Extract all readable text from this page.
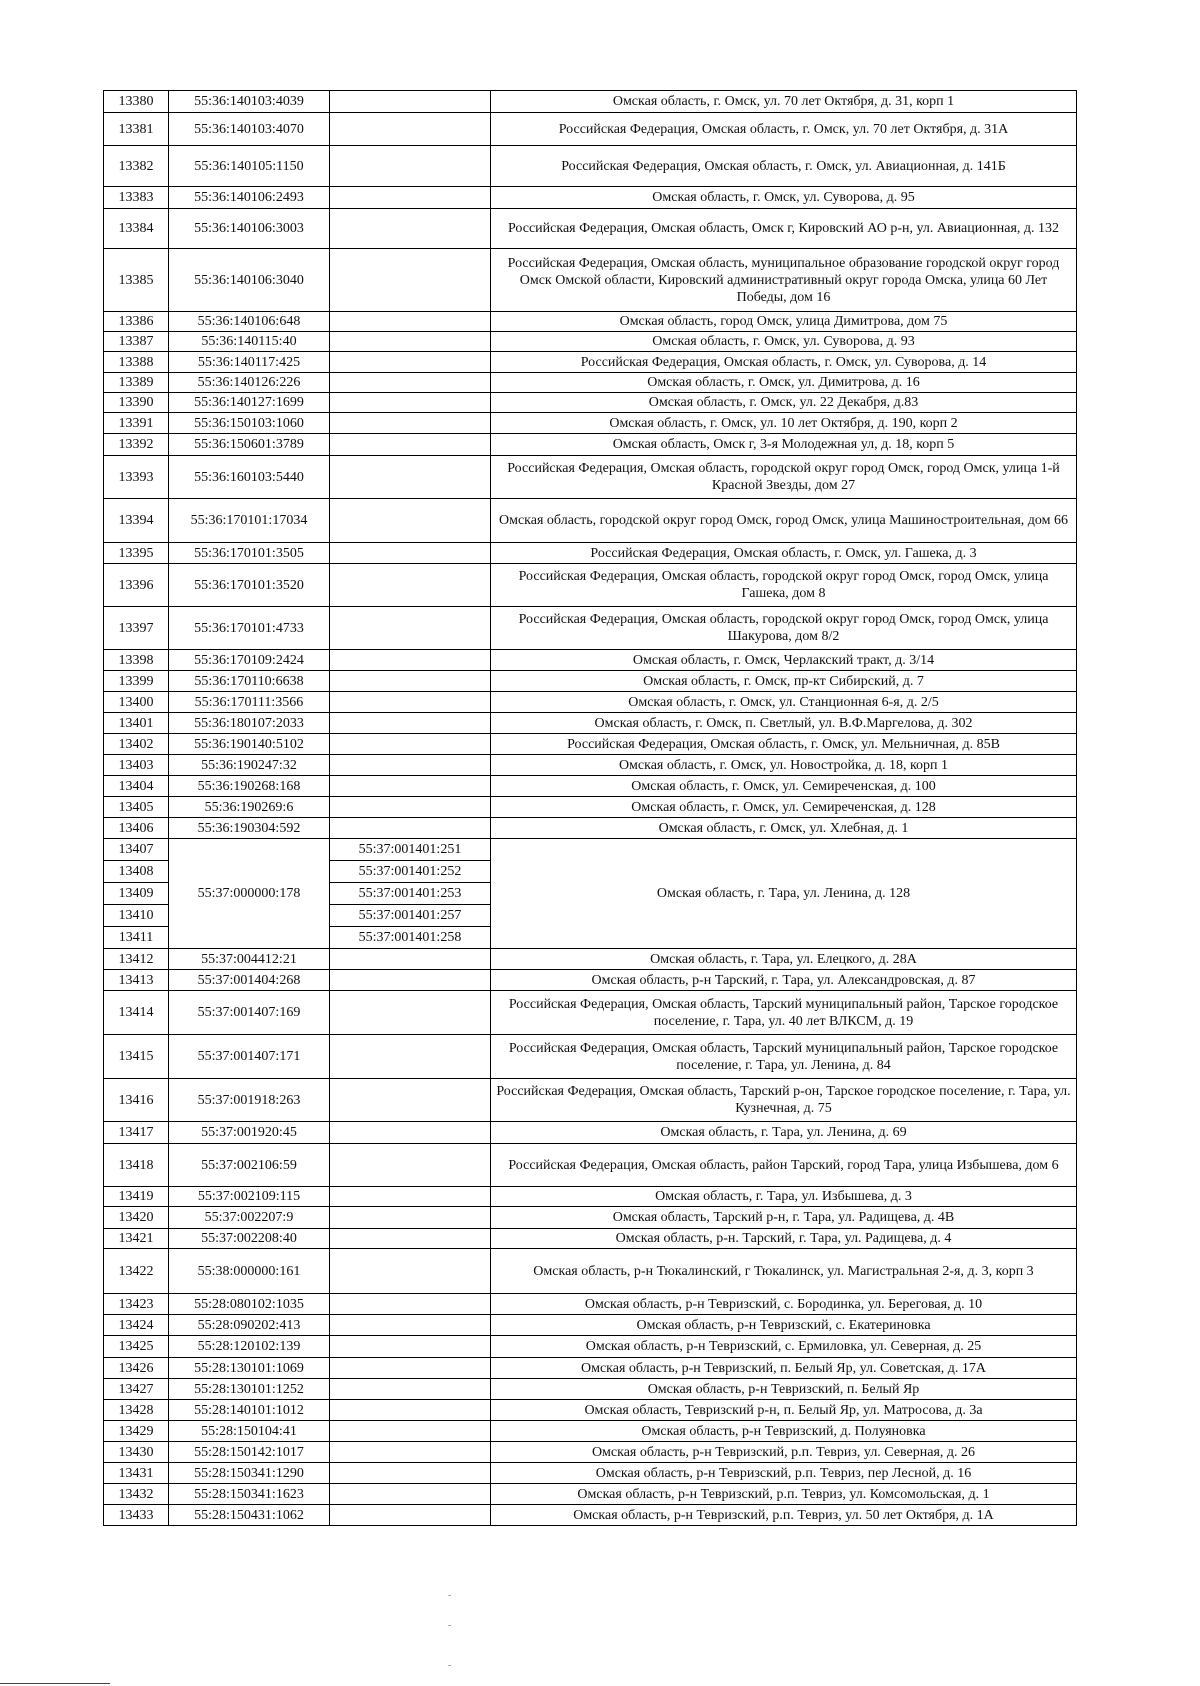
13380	55:36:140103:4039		Омская область, г. Омск, ул. 70 лет Октября, д. 31, корп 1
13381	55:36:140103:4070		Российская Федерация, Омская область, г. Омск, ул. 70 лет Октября, д. 31А
13382	55:36:140105:1150		Российская Федерация, Омская область, г. Омск, ул. Авиационная, д. 141Б
13383	55:36:140106:2493		Омская область, г. Омск, ул. Суворова, д. 95
13384	55:36:140106:3003		Российская Федерация, Омская область, Омск г, Кировский АО р-н, ул. Авиационная, д. 132
13385	55:36:140106:3040		Российская Федерация, Омская область, муниципальное образование городской округ город Омск Омской области, Кировский административный округ города Омска, улица 60 Лет Победы, дом 16
13386	55:36:140106:648		Омская область, город Омск, улица Димитрова, дом 75
13387	55:36:140115:40		Омская область, г. Омск, ул. Суворова, д. 93
13388	55:36:140117:425		Российская Федерация, Омская область, г. Омск, ул. Суворова, д. 14
13389	55:36:140126:226		Омская область, г. Омск, ул. Димитрова, д. 16
13390	55:36:140127:1699		Омская область, г. Омск, ул. 22 Декабря, д.83
13391	55:36:150103:1060		Омская область, г. Омск, ул. 10 лет Октября, д. 190, корп 2
13392	55:36:150601:3789		Омская область, Омск г, 3-я Молодежная ул, д. 18, корп 5
13393	55:36:160103:5440		Российская Федерация, Омская область, городской округ город Омск, город Омск, улица 1-й Красной Звезды, дом 27
13394	55:36:170101:17034		Омская область, городской округ город Омск, город Омск, улица Машиностроительная, дом 66
13395	55:36:170101:3505		Российская Федерация, Омская область, г. Омск, ул. Гашека, д. 3
13396	55:36:170101:3520		Российская Федерация, Омская область, городской округ город Омск, город Омск, улица Гашека, дом 8
13397	55:36:170101:4733		Российская Федерация, Омская область, городской округ город Омск, город Омск, улица Шакурова, дом 8/2
13398	55:36:170109:2424		Омская область, г. Омск, Черлакский тракт, д. 3/14
13399	55:36:170110:6638		Омская область, г. Омск, пр-кт Сибирский, д. 7
13400	55:36:170111:3566		Омская область, г. Омск, ул. Станционная 6-я, д. 2/5
13401	55:36:180107:2033		Омская область, г. Омск, п. Светлый, ул. В.Ф.Маргелова, д. 302
13402	55:36:190140:5102		Российская Федерация, Омская область, г. Омск, ул. Мельничная, д. 85В
13403	55:36:190247:32		Омская область, г. Омск, ул. Новостройка, д. 18, корп 1
13404	55:36:190268:168		Омская область, г. Омск, ул. Семиреченская, д. 100
13405	55:36:190269:6		Омская область, г. Омск, ул. Семиреченская, д. 128
13406	55:36:190304:592		Омская область, г. Омск, ул. Хлебная, д. 1
13407	55:37:000000:178	55:37:001401:251	Омская область, г. Тара, ул. Ленина, д. 128
13408		55:37:001401:252	
13409		55:37:001401:253	
13410		55:37:001401:257	
13411		55:37:001401:258	
13412	55:37:004412:21		Омская область, г. Тара, ул. Елецкого, д. 28А
13413	55:37:001404:268		Омская область, р-н Тарский, г. Тара, ул. Александровская, д. 87
13414	55:37:001407:169		Российская Федерация, Омская область, Тарский муниципальный район, Тарское городское поселение, г. Тара, ул. 40 лет ВЛКСМ, д. 19
13415	55:37:001407:171		Российская Федерация, Омская область, Тарский муниципальный район, Тарское городское поселение, г. Тара, ул. Ленина, д. 84
13416	55:37:001918:263		Российская Федерация, Омская область, Тарский р-он, Тарское городское поселение, г. Тара, ул. Кузнечная, д. 75
13417	55:37:001920:45		Омская область, г. Тара, ул. Ленина, д. 69
13418	55:37:002106:59		Российская Федерация, Омская область, район Тарский, город Тара, улица Избышева, дом 6
13419	55:37:002109:115		Омская область, г. Тара, ул. Избышева, д. 3
13420	55:37:002207:9		Омская область, Тарский р-н, г. Тара, ул. Радищева, д. 4В
13421	55:37:002208:40		Омская область, р-н. Тарский, г. Тара, ул. Радищева, д. 4
13422	55:38:000000:161		Омская область, р-н Тюкалинский, г Тюкалинск, ул. Магистральная 2-я, д. 3, корп 3
13423	55:28:080102:1035		Омская область, р-н Тевризский, с. Бородинка, ул. Береговая, д. 10
13424	55:28:090202:413		Омская область, р-н Тевризский, с. Екатериновка
13425	55:28:120102:139		Омская область, р-н Тевризский, с. Ермиловка, ул. Северная, д. 25
13426	55:28:130101:1069		Омская область, р-н Тевризский, п. Белый Яр, ул. Советская, д. 17А
13427	55:28:130101:1252		Омская область, р-н Тевризский, п. Белый Яр
13428	55:28:140101:1012		Омская область, Тевризский р-н, п. Белый Яр, ул. Матросова, д. 3а
13429	55:28:150104:41		Омская область, р-н Тевризский, д. Полуяновка
13430	55:28:150142:1017		Омская область, р-н Тевризский, р.п. Тевриз, ул. Северная, д. 26
13431	55:28:150341:1290		Омская область, р-н Тевризский, р.п. Тевриз, пер Лесной, д. 16
13432	55:28:150341:1623		Омская область, р-н Тевризский, р.п. Тевриз, ул. Комсомольская, д. 1
13433	55:28:150431:1062		Омская область, р-н Тевризский, р.п. Тевриз, ул. 50 лет Октября, д. 1А
-
-
-
